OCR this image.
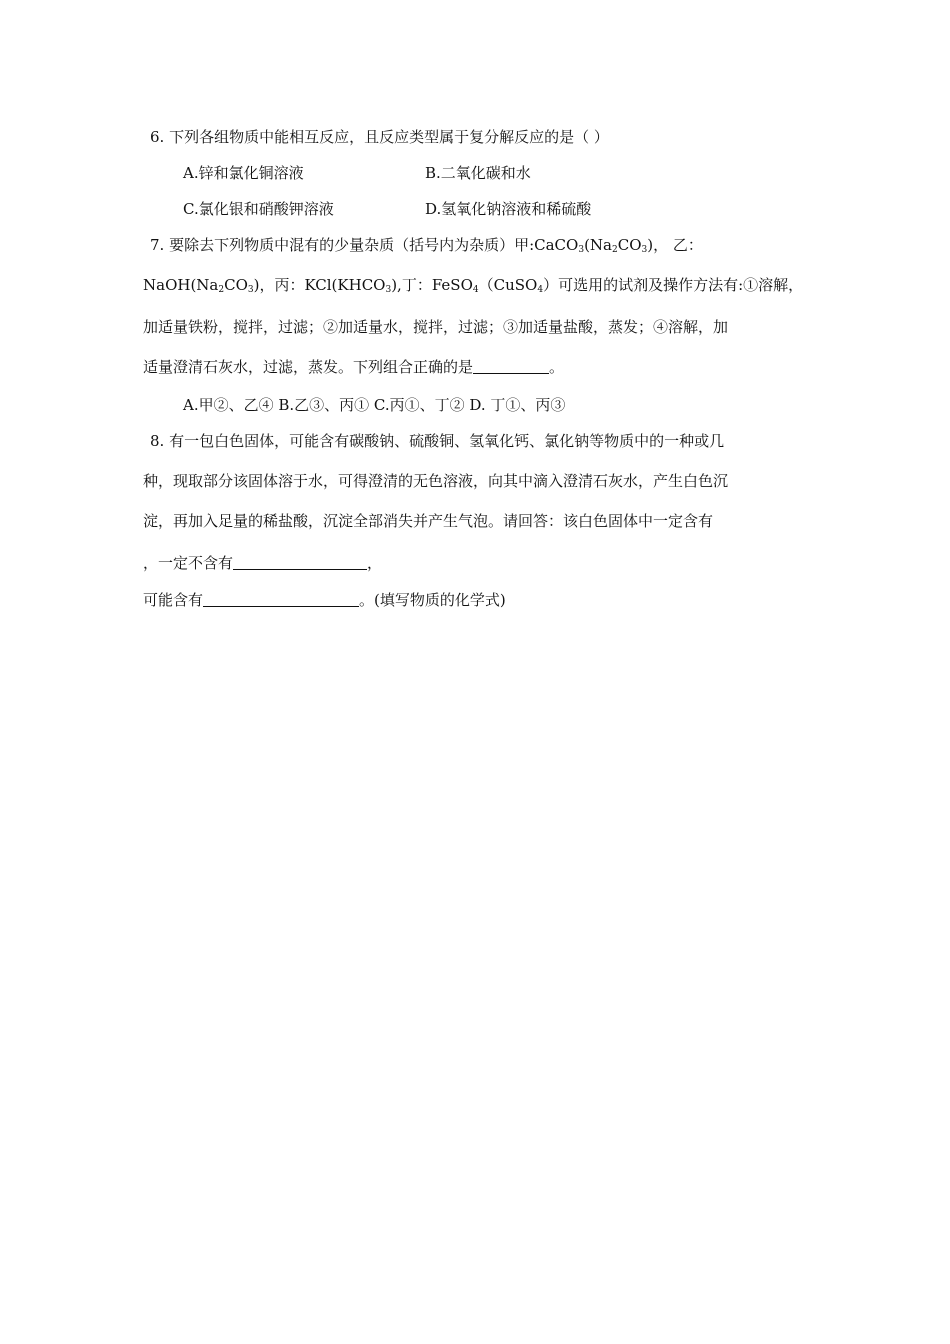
6. 下列各组物质中能相互反应，且反应类型属于复分解反应的是（ ）
A.锌和氯化铜溶液	B.二氧化碳和水
C.氯化银和硝酸钾溶液	D.氢氧化钠溶液和稀硫酸
7. 要除去下列物质中混有的少量杂质（括号内为杂质）甲$:CaCO_3(Na_2CO_3)$， 乙：
$NaOH(Na_2CO_3)$，丙：$KCl(KHCO_3)$,丁：FeSO$_4$（CuSO$_4$）可选用的试剂及操作方法有:①溶解，
加适量铁粉，搅拌，过滤；②加适量水，搅拌，过滤；③加适量盐酸，蒸发；④溶解，加
适量澄清石灰水，过滤，蒸发。下列组合正确的是	。
A.甲②、乙④ B.乙③、丙① C.丙①、丁② D. 丁①、丙③
8. 有一包白色固体，可能含有碳酸钠、硫酸铜、氢氧化钙、氯化钠等物质中的一种或几
种，现取部分该固体溶于水，可得澄清的无色溶液，向其中滴入澄清石灰水，产生白色沉
淀，再加入足量的稀盐酸，沉淀全部消失并产生气泡。请回答：该白色固体中一定含有
，一定不含有	，
可能含有	。(填写物质的化学式)
